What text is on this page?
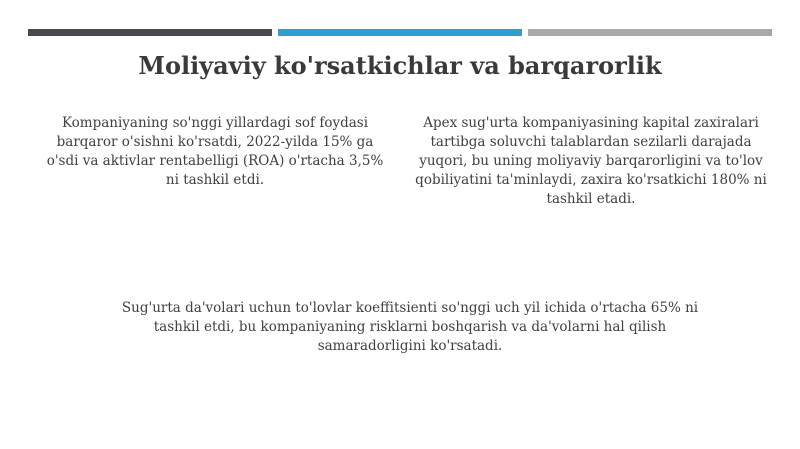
Moliyaviy ko'rsatkichlar va barqarorlik

Kompaniyaning so'nggi yillardagi sof foydasi barqaror o'sishni ko'rsatdi, 2022-yilda 15% ga o'sdi va aktivlar rentabelligi (ROA) o'rtacha 3,5% ni tashkil etdi.

Apex sug'urta kompaniyasining kapital zaxiralari tartibga soluvchi talablardan sezilarli darajada yuqori, bu uning moliyaviy barqarorligini va to'lov qobiliyatini ta'minlaydi, zaxira ko'rsatkichi 180% ni tashkil etadi.

Sug'urta da'volari uchun to'lovlar koeffitsienti so'nggi uch yil ichida o'rtacha 65% ni tashkil etdi, bu kompaniyaning risklarni boshqarish va da'volarni hal qilish samaradorligini ko'rsatadi.
